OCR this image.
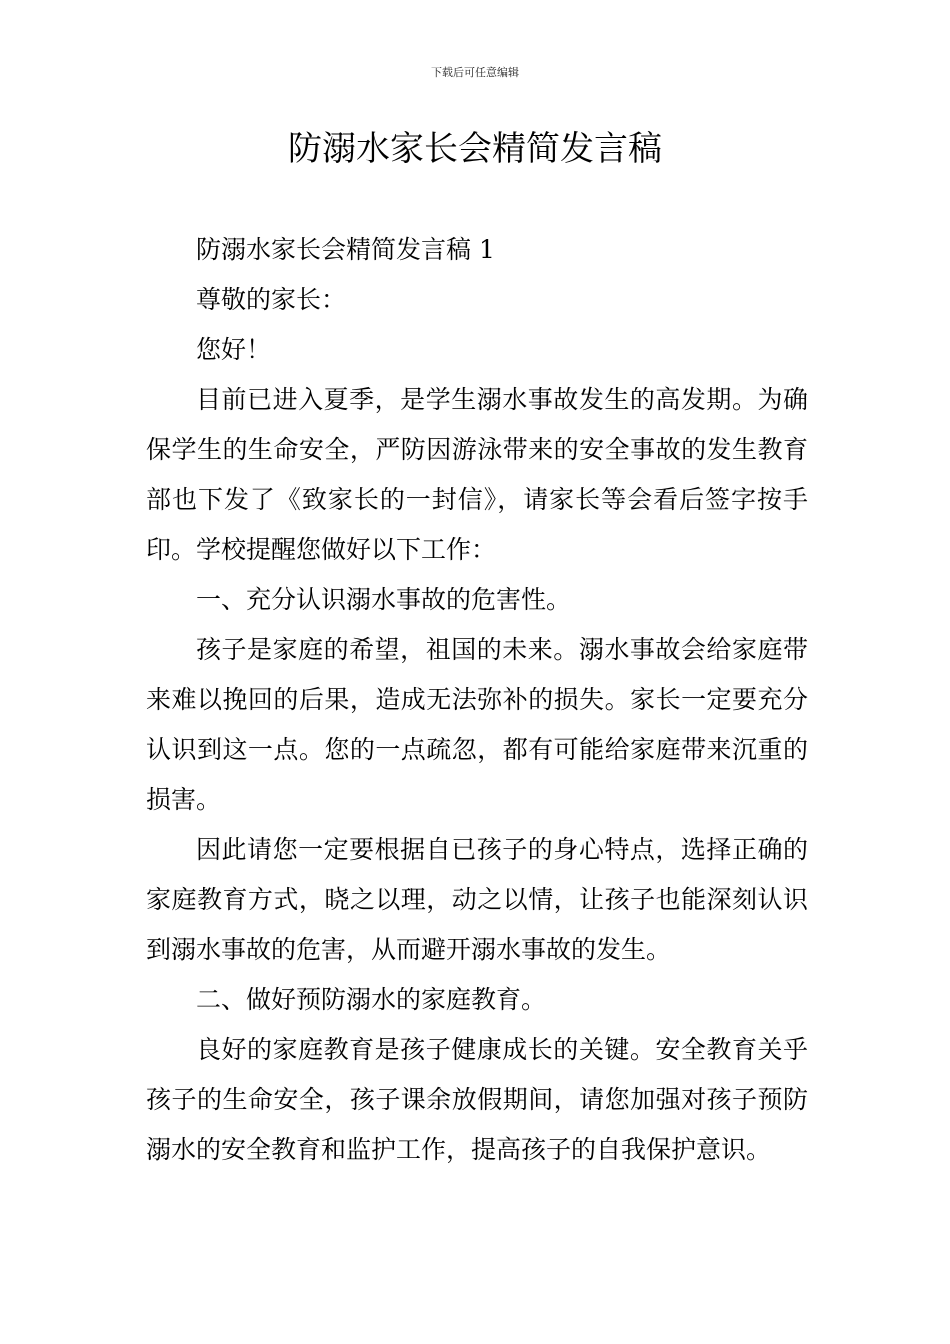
下载后可任意编辑
防溺水家长会精简发言稿

防溺水家长会精简发言稿 1

尊敬的家长：

您好！

目前已进入夏季，是学生溺水事故发生的高发期。为确保学生的生命安全，严防因游泳带来的安全事故的发生教育部也下发了《致家长的一封信》，请家长等会看后签字按手印。学校提醒您做好以下工作：

一、充分认识溺水事故的危害性。

孩子是家庭的希望，祖国的未来。溺水事故会给家庭带来难以挽回的后果，造成无法弥补的损失。家长一定要充分认识到这一点。您的一点疏忽，都有可能给家庭带来沉重的损害。

因此请您一定要根据自已孩子的身心特点，选择正确的家庭教育方式，晓之以理，动之以情，让孩子也能深刻认识到溺水事故的危害，从而避开溺水事故的发生。

二、做好预防溺水的家庭教育。

良好的家庭教育是孩子健康成长的关键。安全教育关乎孩子的生命安全，孩子课余放假期间，请您加强对孩子预防溺水的安全教育和监护工作，提高孩子的自我保护意识。
